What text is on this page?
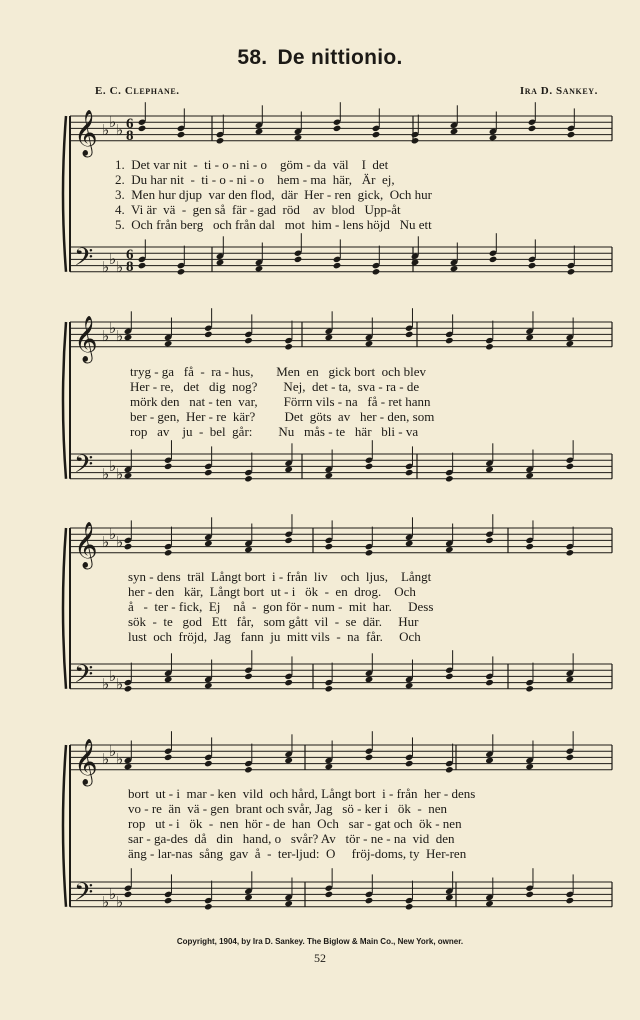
58. De nittionio.
E. C. Clephane.	Ira D. Sankey.
𝄞
𝄢
♭
♭
♭
♭
♭
♭
6
6
8
8
𝄞
𝄢
♭
♭
♭
♭
♭
♭
𝄞
𝄢
♭
♭
♭
♭
♭
♭
𝄞
𝄢
♭
♭
♭
♭
♭
♭
1.  Det var nit  -  ti - o - ni - o    göm - da  väl    I  det
2.  Du har nit  -  ti - o - ni - o    hem - ma  här,   Är  ej,
3.  Men hur djup  var den flod,  där  Her - ren  gick,  Och hur
4.  Vi är  vä  -  gen så  fär - gad  röd    av  blod   Upp-åt
5.  Och från berg   och från dal   mot  him - lens höjd   Nu ett
tryg - ga   få  -  ra - hus,       Men  en   gick bort  och blev
Her - re,   det   dig  nog?        Nej,  det - ta,  sva - ra - de
mörk den   nat - ten  var,        Förrn vils - na   få - ret hann
ber - gen,  Her - re  kär?         Det  göts  av   her - den, som
rop   av    ju  -  bel  går:        Nu   mås - te   här   bli - va
syn - dens  träl  Långt bort  i - från  liv    och  ljus,    Långt
her - den   kär,  Långt bort  ut - i   ök  -  en  drog.    Och
å   -  ter - fick,  Ej    nå  -  gon för - num -  mit  har.     Dess
sök  -  te   god   Ett   får,   som gått  vil  -  se  där.     Hur
lust  och  fröjd,  Jag   fann  ju  mitt vils  -  na  får.     Och
bort  ut - i  mar - ken  vild  och hård, Långt bort  i - från  her - dens
vo - re  än  vä - gen  brant och svår, Jag   sö - ker i   ök  -  nen
rop   ut - i   ök  -  nen  hör - de  han  Och   sar - gat och  ök - nen
sar - ga-des  då   din   hand, o   svår? Av   tör - ne - na  vid  den
äng - lar-nas  sång  gav  å  -  ter-ljud:  O     fröj-doms, ty  Her-ren
Copyright, 1904, by Ira D. Sankey. The Biglow & Main Co., New York, owner.
52
